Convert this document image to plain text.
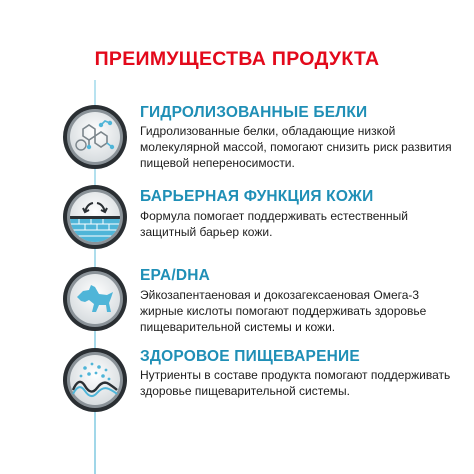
ПРЕИМУЩЕСТВА ПРОДУКТА
ГИДРОЛИЗОВАННЫЕ БЕЛКИ
Гидролизованные белки, обладающие низкой молекулярной массой, помогают снизить риск развития пищевой непереносимости.
БАРЬЕРНАЯ ФУНКЦИЯ КОЖИ
Формула помогает поддерживать естественный защитный барьер кожи.
EPA/DHA
Эйкозапентаеновая и докозагексаеновая Омега-3 жирные кислоты помогают поддерживать здоровье пищеварительной системы и кожи.
ЗДОРОВОЕ ПИЩЕВАРЕНИЕ
Нутриенты в составе продукта помогают поддерживать здоровье пищеварительной системы.
